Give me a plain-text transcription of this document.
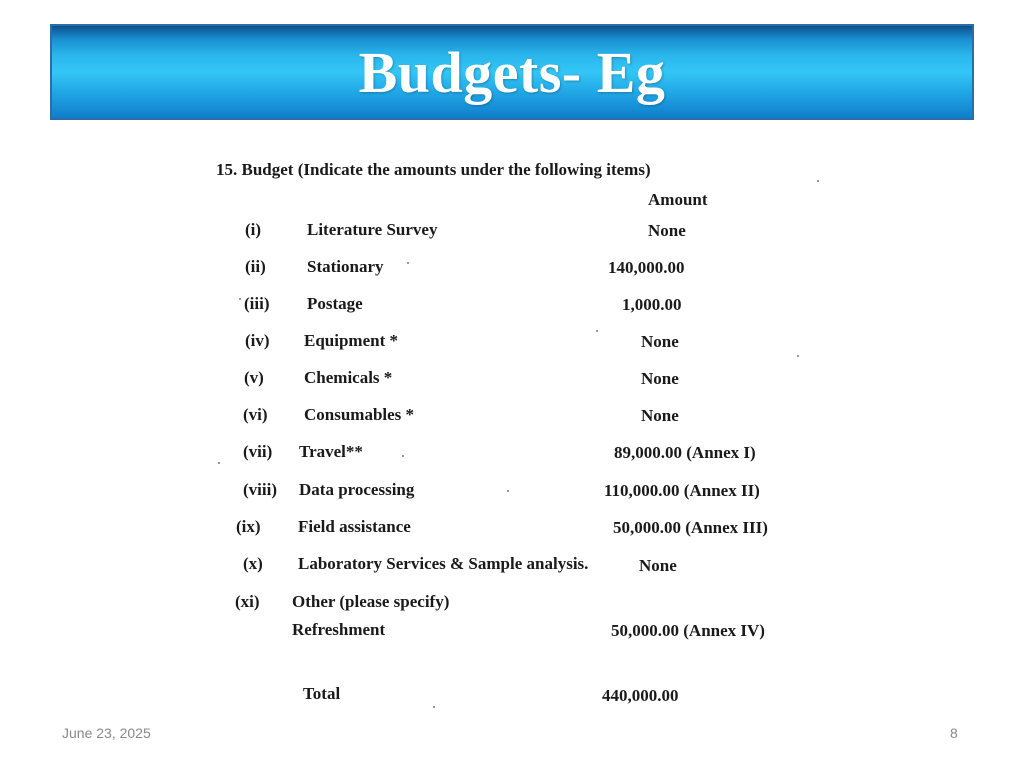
Budgets- Eg
15. Budget (Indicate the amounts under the following items)
Amount
(i)	Literature Survey	None
(ii) Stationary	140,000.00
(iii) Postage	1,000.00
(iv) Equipment *	None
(v) Chemicals *	None
(vi) Consumables *	None
(vii) Travel**	89,000.00 (Annex I)
(viii) Data processing	110,000.00 (Annex II)
(ix) Field assistance	50,000.00 (Annex III)
(x) Laboratory Services & Sample analysis.	None
(xi) Other (please specify)
Refreshment	50,000.00 (Annex IV)
Total	440,000.00
June 23, 2025	8
